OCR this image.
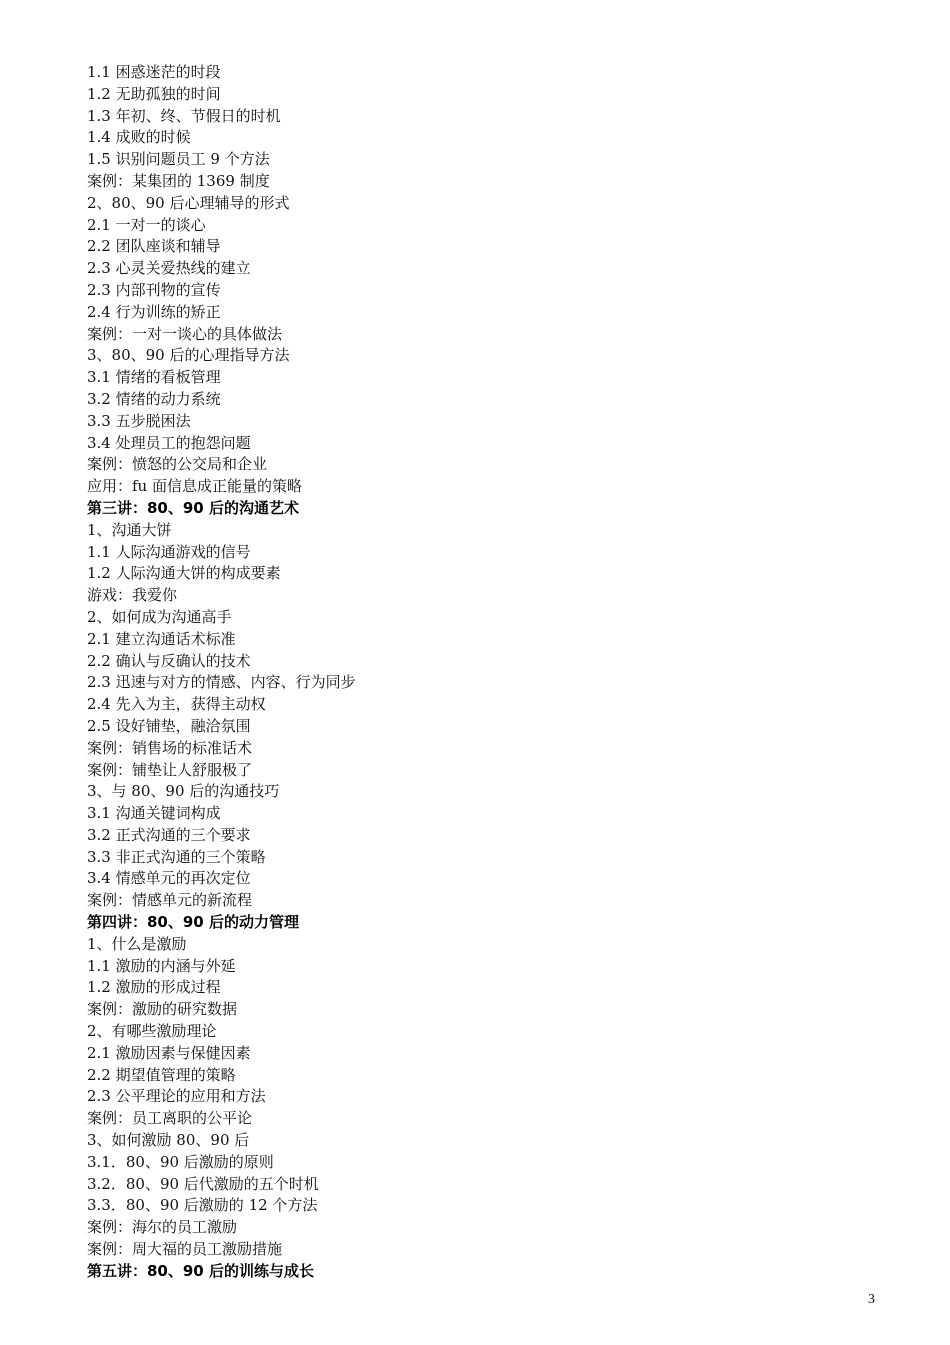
1.1 困惑迷茫的时段
1.2 无助孤独的时间
1.3 年初、终、节假日的时机
1.4 成败的时候
1.5 识别问题员工 9 个方法
案例：某集团的 1369 制度
2、80、90 后心理辅导的形式
2.1 一对一的谈心
2.2 团队座谈和辅导
2.3 心灵关爱热线的建立
2.3 内部刊物的宣传
2.4 行为训练的矫正
案例：一对一谈心的具体做法
3、80、90 后的心理指导方法
3.1 情绪的看板管理
3.2 情绪的动力系统
3.3 五步脱困法
3.4 处理员工的抱怨问题
案例：愤怒的公交局和企业
应用：fu 面信息成正能量的策略
第三讲：80、90 后的沟通艺术
1、沟通大饼
1.1 人际沟通游戏的信号
1.2 人际沟通大饼的构成要素
游戏：我爱你
2、如何成为沟通高手
2.1 建立沟通话术标准
2.2 确认与反确认的技术
2.3 迅速与对方的情感、内容、行为同步
2.4 先入为主，获得主动权
2.5 设好铺垫，融洽氛围
案例：销售场的标准话术
案例：铺垫让人舒服极了
3、与 80、90 后的沟通技巧
3.1 沟通关键词构成
3.2 正式沟通的三个要求
3.3 非正式沟通的三个策略
3.4 情感单元的再次定位
案例：情感单元的新流程
第四讲：80、90 后的动力管理
1、什么是激励
1.1 激励的内涵与外延
1.2 激励的形成过程
案例：激励的研究数据
2、有哪些激励理论
2.1 激励因素与保健因素
2.2 期望值管理的策略
2.3 公平理论的应用和方法
案例：员工离职的公平论
3、如何激励 80、90 后
3.1．80、90 后激励的原则
3.2．80、90 后代激励的五个时机
3.3．80、90 后激励的 12 个方法
案例：海尔的员工激励
案例：周大福的员工激励措施
第五讲：80、90 后的训练与成长
3
